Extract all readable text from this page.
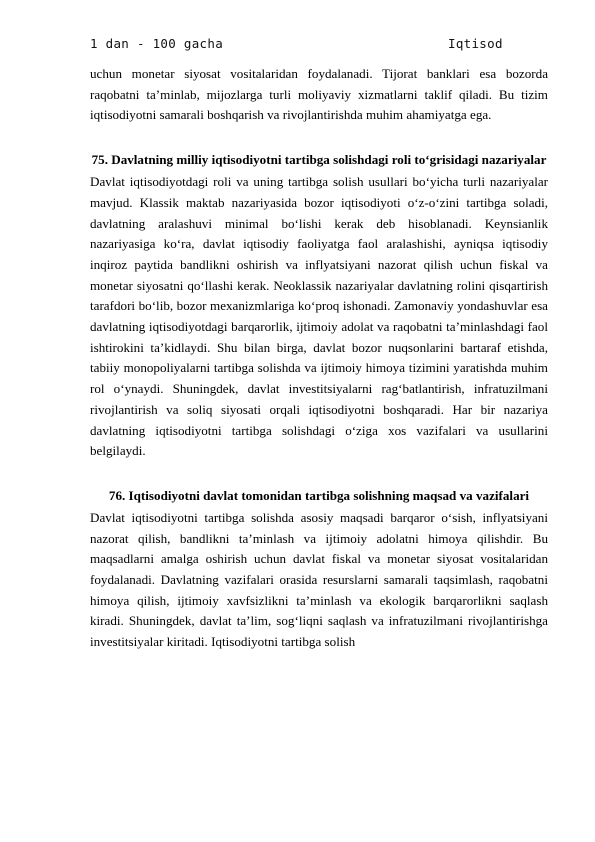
1 dan - 100 gacha	Iqtisod

uchun monetar siyosat vositalaridan foydalanadi. Tijorat banklari esa bozorda raqobatni ta’minlab, mijozlarga turli moliyaviy xizmatlarni taklif qiladi. Bu tizim iqtisodiyotni samarali boshqarish va rivojlantirishda muhim ahamiyatga ega.

75. Davlatning milliy iqtisodiyotni tartibga solishdagi roli to‘grisidagi nazariyalar

Davlat iqtisodiyotdagi roli va uning tartibga solish usullari bo‘yicha turli nazariyalar mavjud. Klassik maktab nazariyasida bozor iqtisodiyoti o‘z-o‘zini tartibga soladi, davlatning aralashuvi minimal bo‘lishi kerak deb hisoblanadi. Keynsianlik nazariyasiga ko‘ra, davlat iqtisodiy faoliyatga faol aralashishi, ayniqsa iqtisodiy inqiroz paytida bandlikni oshirish va inflyatsiyani nazorat qilish uchun fiskal va monetar siyosatni qo‘llashi kerak. Neoklassik nazariyalar davlatning rolini qisqartirish tarafdori bo‘lib, bozor mexanizmlariga ko‘proq ishonadi. Zamonaviy yondashuvlar esa davlatning iqtisodiyotdagi barqarorlik, ijtimoiy adolat va raqobatni ta’minlashdagi faol ishtirokini ta’kidlaydi. Shu bilan birga, davlat bozor nuqsonlarini bartaraf etishda, tabiiy monopoliyalarni tartibga solishda va ijtimoiy himoya tizimini yaratishda muhim rol o‘ynaydi. Shuningdek, davlat investitsiyalarni rag‘batlantirish, infratuzilmani rivojlantirish va soliq siyosati orqali iqtisodiyotni boshqaradi. Har bir nazariya davlatning iqtisodiyotni tartibga solishdagi o‘ziga xos vazifalari va usullarini belgilaydi.

76. Iqtisodiyotni davlat tomonidan tartibga solishning maqsad va vazifalari

Davlat iqtisodiyotni tartibga solishda asosiy maqsadi barqaror o‘sish, inflyatsiyani nazorat qilish, bandlikni ta’minlash va ijtimoiy adolatni himoya qilishdir. Bu maqsadlarni amalga oshirish uchun davlat fiskal va monetar siyosat vositalaridan foydalanadi. Davlatning vazifalari orasida resurslarni samarali taqsimlash, raqobatni himoya qilish, ijtimoiy xavfsizlikni ta’minlash va ekologik barqarorlikni saqlash kiradi. Shuningdek, davlat ta’lim, sog‘liqni saqlash va infratuzilmani rivojlantirishga investitsiyalar kiritadi. Iqtisodiyotni tartibga solish
